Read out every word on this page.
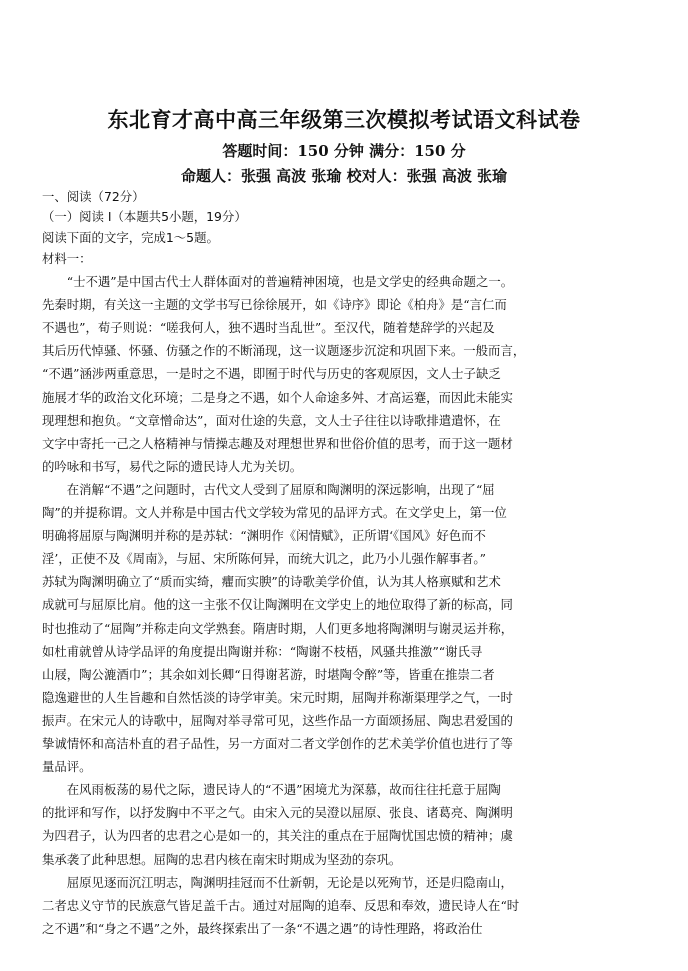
东北育才高中高三年级第三次模拟考试语文科试卷
答题时间：150 分钟 满分：150 分
命题人：张强 高波 张瑜 校对人：张强 高波 张瑜
一、阅读（72分）
（一）阅读 I（本题共5小题，19分）
阅读下面的文字，完成1～5题。
材料一：
　　“士不遇”是中国古代士人群体面对的普遍精神困境，也是文学史的经典命题之一。
先秦时期，有关这一主题的文学书写已徐徐展开，如《诗序》即论《柏舟》是“言仁而
不遇也”，荀子则说：“嗟我何人，独不遇时当乱世”。至汉代，随着楚辞学的兴起及
其后历代悼骚、怀骚、仿骚之作的不断涌现，这一议题逐步沉淀和巩固下来。一般而言，
“不遇”涵涉两重意思，一是时之不遇，即囿于时代与历史的客观原因，文人士子缺乏
施展才华的政治文化环境；二是身之不遇，如个人命途多舛、才高运蹇，而因此未能实
现理想和抱负。“文章憎命达”，面对仕途的失意，文人士子往往以诗歌排遣遣怀，在
文字中寄托一己之人格精神与情操志趣及对理想世界和世俗价值的思考，而于这一题材
的吟咏和书写，易代之际的遗民诗人尤为关切。
　　在消解“不遇”之问题时，古代文人受到了屈原和陶渊明的深远影响，出现了“屈
陶”的并提称谓。文人并称是中国古代文学较为常见的品评方式。在文学史上，第一位
明确将屈原与陶渊明并称的是苏轼：“渊明作《闲情赋》，正所谓‘《国风》好色而不
淫’，正使不及《周南》，与屈、宋所陈何异，而统大讥之，此乃小儿强作解事者。”
苏轼为陶渊明确立了“质而实绮，癯而实腴”的诗歌美学价值，认为其人格禀赋和艺术
成就可与屈原比肩。他的这一主张不仅让陶渊明在文学史上的地位取得了新的标高，同
时也推动了“屈陶”并称走向文学熟套。隋唐时期，人们更多地将陶渊明与谢灵运并称，
如杜甫就曾从诗学品评的角度提出陶谢并称：“陶谢不枝梧，风骚共推激”“谢氏寻
山屐，陶公漉酒巾”；其余如刘长卿“日得谢茗游，时堪陶令醉”等，皆重在推崇二者
隐逸避世的人生旨趣和自然恬淡的诗学审美。宋元时期，屈陶并称渐渠理学之气，一时
振声。在宋元人的诗歌中，屈陶对举寻常可见，这些作品一方面颂扬屈、陶忠君爱国的
挚诚情怀和高洁朴直的君子品性，另一方面对二者文学创作的艺术美学价值也进行了等
量品评。
　　在风雨板荡的易代之际，遗民诗人的“不遇”困境尤为深慕，故而往往托意于屈陶
的批评和写作，以抒发胸中不平之气。由宋入元的吴澄以屈原、张良、诸葛亮、陶渊明
为四君子，认为四者的忠君之心是如一的，其关注的重点在于屈陶忧国忠愤的精神；虞
集承袭了此种思想。屈陶的忠君内核在南宋时期成为坚劲的奈巩。
　　屈原见逐而沉江明志，陶渊明挂冠而不仕新朝，无论是以死殉节，还是归隐南山，
二者忠义守节的民族意气皆足盖千古。通过对屈陶的追奉、反思和奉效，遗民诗人在“时
之不遇”和“身之不遇”之外，最终探索出了一条“不遇之遇”的诗性理路，将政治仕
